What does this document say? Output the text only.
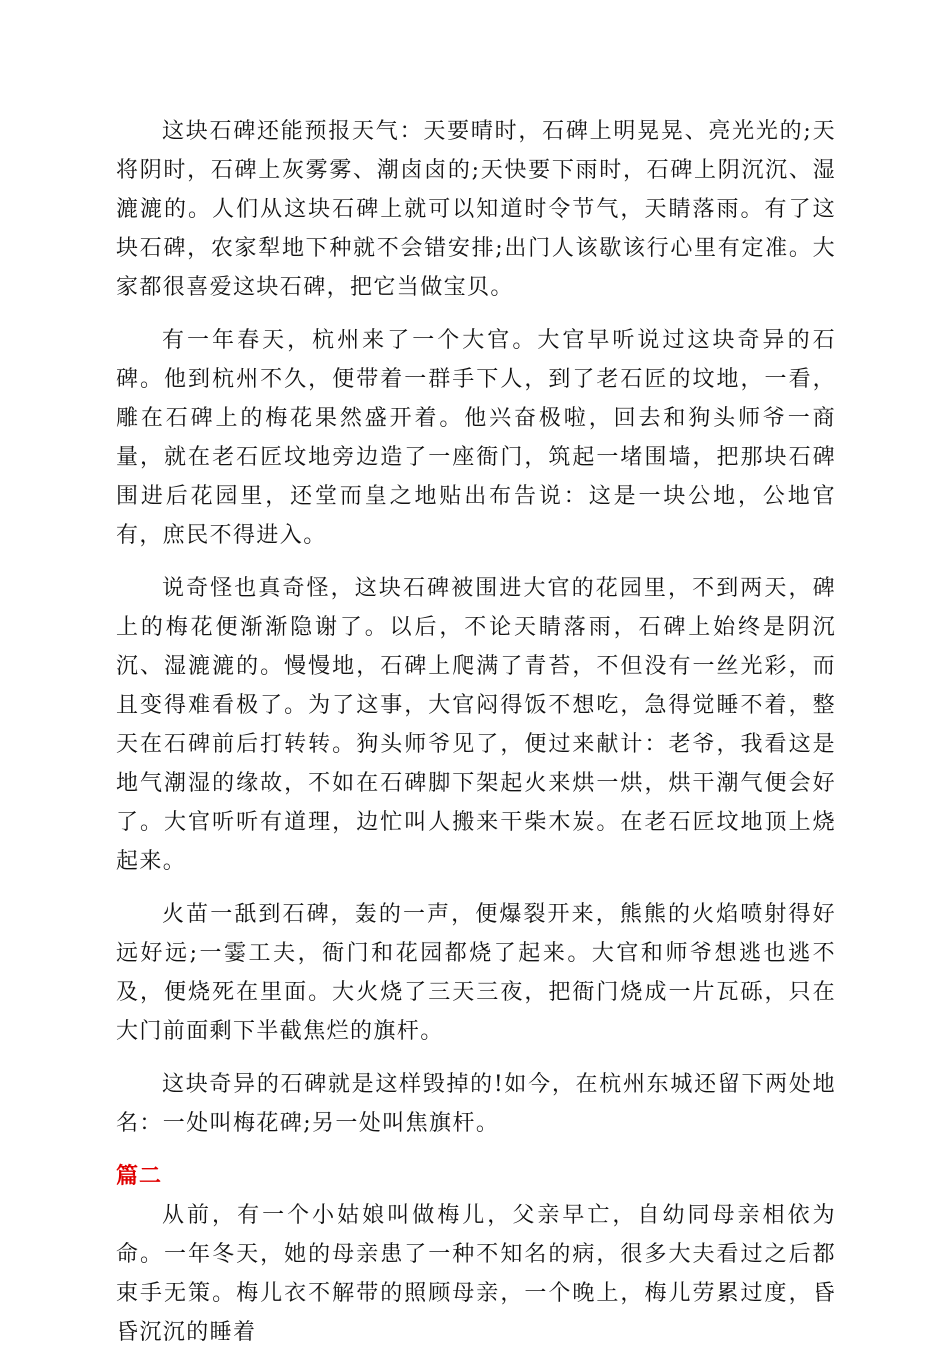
这块石碑还能预报天气：天要晴时，石碑上明晃晃、亮光光的;天将阴时，石碑上灰雾雾、潮卤卤的;天快要下雨时，石碑上阴沉沉、湿漉漉的。人们从这块石碑上就可以知道时令节气，天睛落雨。有了这块石碑，农家犁地下种就不会错安排;出门人该歇该行心里有定准。大家都很喜爱这块石碑，把它当做宝贝。

有一年春天，杭州来了一个大官。大官早听说过这块奇异的石碑。他到杭州不久，便带着一群手下人，到了老石匠的坟地，一看，雕在石碑上的梅花果然盛开着。他兴奋极啦，回去和狗头师爷一商量，就在老石匠坟地旁边造了一座衙门，筑起一堵围墙，把那块石碑围进后花园里，还堂而皇之地贴出布告说：这是一块公地，公地官有，庶民不得进入。

说奇怪也真奇怪，这块石碑被围进大官的花园里，不到两天，碑上的梅花便渐渐隐谢了。以后，不论天睛落雨，石碑上始终是阴沉沉、湿漉漉的。慢慢地，石碑上爬满了青苔，不但没有一丝光彩，而且变得难看极了。为了这事，大官闷得饭不想吃，急得觉睡不着，整天在石碑前后打转转。狗头师爷见了，便过来献计：老爷，我看这是地气潮湿的缘故，不如在石碑脚下架起火来烘一烘，烘干潮气便会好了。大官听听有道理，边忙叫人搬来干柴木炭。在老石匠坟地顶上烧起来。

火苗一舐到石碑，轰的一声，便爆裂开来，熊熊的火焰喷射得好远好远;一霎工夫，衙门和花园都烧了起来。大官和师爷想逃也逃不及，便烧死在里面。大火烧了三天三夜，把衙门烧成一片瓦砾，只在大门前面剩下半截焦烂的旗杆。

这块奇异的石碑就是这样毁掉的!如今，在杭州东城还留下两处地名：一处叫梅花碑;另一处叫焦旗杆。

篇二

从前，有一个小姑娘叫做梅儿，父亲早亡，自幼同母亲相依为命。一年冬天，她的母亲患了一种不知名的病，很多大夫看过之后都束手无策。梅儿衣不解带的照顾母亲，一个晚上，梅儿劳累过度，昏昏沉沉的睡着
